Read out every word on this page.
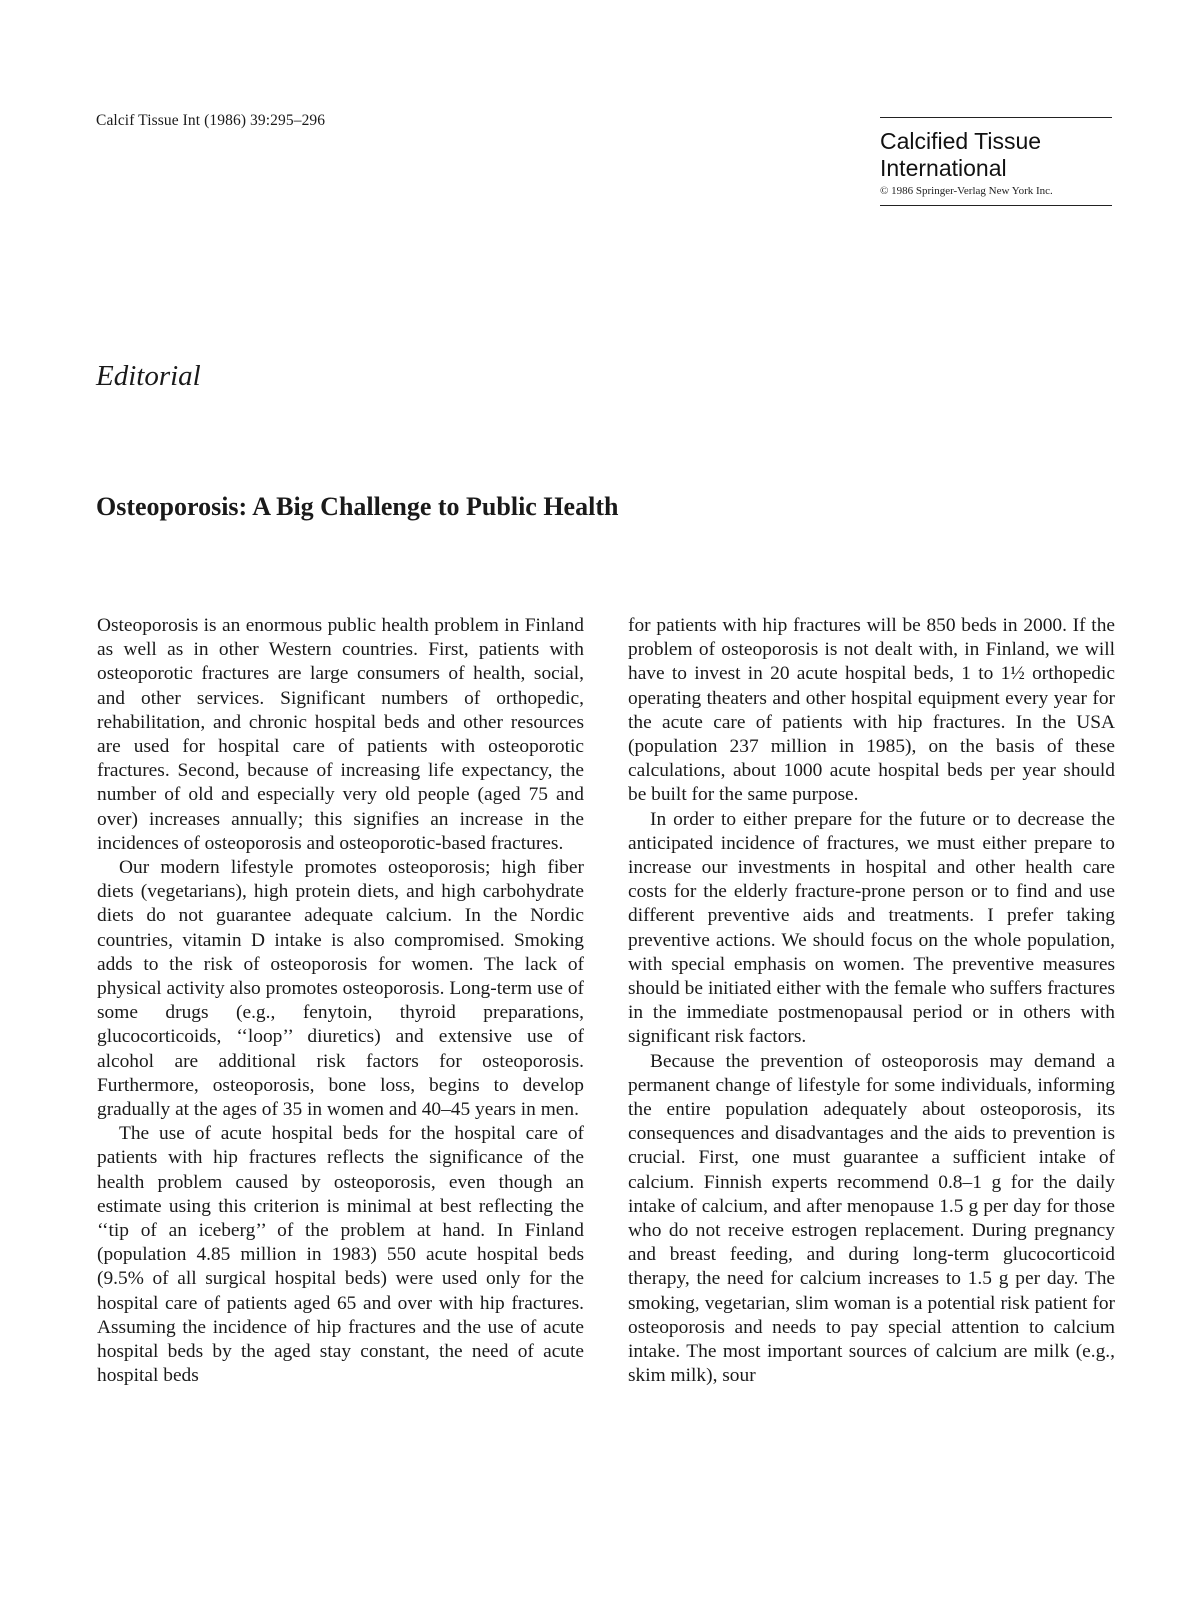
Calcif Tissue Int (1986) 39:295–296
Calcified Tissue
International
© 1986 Springer-Verlag New York Inc.
Editorial
Osteoporosis: A Big Challenge to Public Health

Osteoporosis is an enormous public health problem in Finland as well as in other Western countries. First, patients with osteoporotic fractures are large consumers of health, social, and other services. Significant numbers of orthopedic, rehabilitation, and chronic hospital beds and other resources are used for hospital care of patients with osteoporotic fractures. Second, because of increasing life expectancy, the number of old and especially very old people (aged 75 and over) increases annually; this signifies an increase in the incidences of osteoporosis and osteoporotic-based fractures.

Our modern lifestyle promotes osteoporosis; high fiber diets (vegetarians), high protein diets, and high carbohydrate diets do not guarantee adequate calcium. In the Nordic countries, vitamin D intake is also compromised. Smoking adds to the risk of osteoporosis for women. The lack of physical activity also promotes osteoporosis. Long-term use of some drugs (e.g., fenytoin, thyroid preparations, glucocorticoids, ‘‘loop’’ diuretics) and extensive use of alcohol are additional risk factors for osteoporosis. Furthermore, osteoporosis, bone loss, begins to develop gradually at the ages of 35 in women and 40–45 years in men.

The use of acute hospital beds for the hospital care of patients with hip fractures reflects the significance of the health problem caused by osteoporosis, even though an estimate using this criterion is minimal at best reflecting the ‘‘tip of an iceberg’’ of the problem at hand. In Finland (population 4.85 million in 1983) 550 acute hospital beds (9.5% of all surgical hospital beds) were used only for the hospital care of patients aged 65 and over with hip fractures. Assuming the incidence of hip fractures and the use of acute hospital beds by the aged stay constant, the need of acute hospital beds

for patients with hip fractures will be 850 beds in 2000. If the problem of osteoporosis is not dealt with, in Finland, we will have to invest in 20 acute hospital beds, 1 to 1½ orthopedic operating theaters and other hospital equipment every year for the acute care of patients with hip fractures. In the USA (population 237 million in 1985), on the basis of these calculations, about 1000 acute hospital beds per year should be built for the same purpose.

In order to either prepare for the future or to decrease the anticipated incidence of fractures, we must either prepare to increase our investments in hospital and other health care costs for the elderly fracture-prone person or to find and use different preventive aids and treatments. I prefer taking preventive actions. We should focus on the whole population, with special emphasis on women. The preventive measures should be initiated either with the female who suffers fractures in the immediate postmenopausal period or in others with significant risk factors.

Because the prevention of osteoporosis may demand a permanent change of lifestyle for some individuals, informing the entire population adequately about osteoporosis, its consequences and disadvantages and the aids to prevention is crucial. First, one must guarantee a sufficient intake of calcium. Finnish experts recommend 0.8–1 g for the daily intake of calcium, and after menopause 1.5 g per day for those who do not receive estrogen replacement. During pregnancy and breast feeding, and during long-term glucocorticoid therapy, the need for calcium increases to 1.5 g per day. The smoking, vegetarian, slim woman is a potential risk patient for osteoporosis and needs to pay special attention to calcium intake. The most important sources of calcium are milk (e.g., skim milk), sour
